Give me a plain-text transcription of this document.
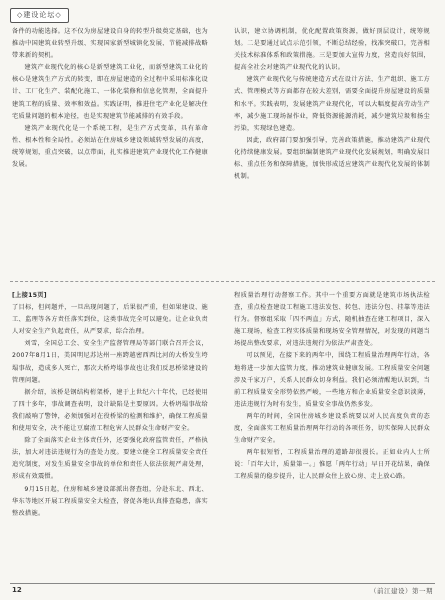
◇建设论坛◇

备件的功能选择。这不仅为房屋建设自身的转型升级奠定基础，也为推动中国建筑业转型升级、实现国家新型城镇化发展、节能减排战略带来新的契机。

建筑产业现代化的核心是新型建筑工业化，而新型建筑工业化的核心是建筑生产方式的转变，即在房屋建造的全过程中采用标准化设计、工厂化生产、装配化施工、一体化装修和信息化管理，全面提升建筑工程的质量、效率和效益。实践证明，推进住宅产业化是解决住宅质量问题的根本途径，也是实现建筑节能减排的有效手段。

建筑产业现代化是一个系统工程，是生产方式变革，具有革命性、根本性和全局性。必须站在住房城乡建设领域转型发展的高度，统筹规划，重点突破，以点带面，扎实推进建筑产业现代化工作健康发展。

认识，建立协调机制，优化配置政策资源，做好顶层设计，统筹规划。二是要通过试点示范引领，不断总结经验，找准突破口，完善相关技术标准体系和政策措施。三是要加大宣传力度，营造良好氛围，提高全社会对建筑产业现代化的认识。

建筑产业现代化与传统建造方式在设计方法、生产组织、施工方式、管理模式等方面都存在较大差别，需要全面提升房屋建设的质量和水平。实践表明，发展建筑产业现代化，可以大幅度提高劳动生产率，减少施工现场湿作业，降低资源能源消耗，减少建筑垃圾和扬尘污染，实现绿色建造。

因此，政府部门要加强引导，完善政策措施，推动建筑产业现代化持续健康发展。要组织编制建筑产业现代化发展规划，明确发展目标、重点任务和保障措施，加快形成适应建筑产业现代化发展的体制机制。

[上接15页]

了目标，但问题并，一旦出现问题了，后果很严重，但如果建设、施工、监理等各方责任落实到位，这类事故完全可以避免。让企业负责人对安全生产负起责任，从严要求，综合治理。

刘雪，全国总工会、安全生产监督管理局等部门联合召开会议，2007年8月1日，美国明尼苏达州一座跨越密西西比河的大桥发生垮塌事故，造成多人死亡，那次大桥垮塌事故也让我们反思桥梁建设的管理问题。

据介绍，该桥是钢结构桁架桥，建于上世纪六十年代，已经使用了四十多年，事故调查表明，设计缺陷是主要原因。大桥坍塌事故给我们敲响了警钟，必须加强对在役桥梁的检测和维护，确保工程质量和使用安全，决不能让豆腐渣工程危害人民群众生命财产安全。

除了全面落实企业主体责任外，还要强化政府监管责任，严格执法，加大对违法违规行为的查处力度。要建立健全工程质量安全责任追究制度，对发生质量安全事故的单位和责任人依法依规严肃处理，形成有效震慑。

9月15日起，住房和城乡建设部派出督查组，分赴东北、西北、华东等地区开展工程质量安全大检查，督促各地认真排查隐患，落实整改措施。

程质量治理行动督察工作。其中一个重要方面就是建筑市场执法检查，重点检查建设工程施工违法发包、转包、违法分包、挂靠等违法行为。督察组采取「四不两直」方式，随机抽查在建工程项目，深入施工现场，检查工程实体质量和现场安全管理情况，对发现的问题当场提出整改要求，对违法违规行为依法严肃查处。

可以预见，在接下来的两年中，围绕工程质量治理两年行动，各地将进一步加大监管力度，推动建筑业健康发展。工程质量安全问题涉及千家万户，关系人民群众切身利益。我们必须清醒地认识到，当前工程质量安全形势依然严峻，一些地方和企业质量安全意识淡薄，违法违规行为时有发生，质量安全事故仍然多发。

两年的时间，全国住房城乡建设系统要以对人民高度负责的态度，全面落实工程质量治理两年行动的各项任务，切实保障人民群众生命财产安全。

两年很短暂，工程质量治理的道路却很漫长。正如业内人士所说：「百年大计，质量第一。」惟愿「两年行动」早日开花结果，确保工程质量的稳步提升，让人民群众住上放心房、走上放心路。

12	（前江建设）第一期
